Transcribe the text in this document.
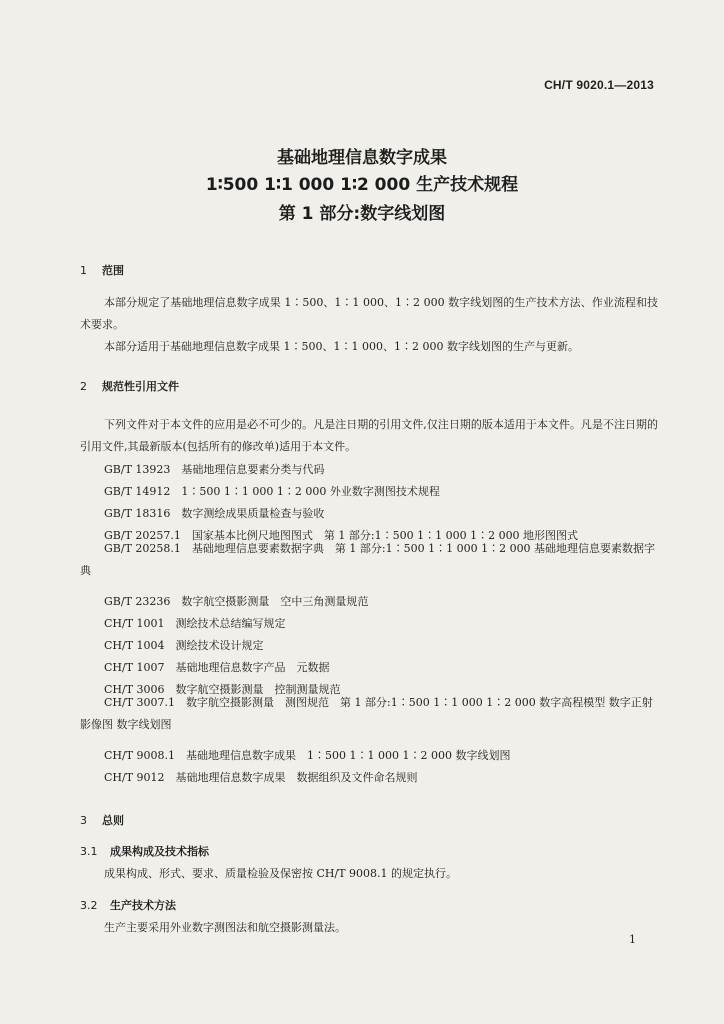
CH/T 9020.1—2013
基础地理信息数字成果
1∶500 1∶1 000 1∶2 000 生产技术规程
第 1 部分:数字线划图
1 范围
本部分规定了基础地理信息数字成果 1∶500、1∶1 000、1∶2 000 数字线划图的生产技术方法、作业流程和技术要求。
本部分适用于基础地理信息数字成果 1∶500、1∶1 000、1∶2 000 数字线划图的生产与更新。
2 规范性引用文件
下列文件对于本文件的应用是必不可少的。凡是注日期的引用文件,仅注日期的版本适用于本文件。凡是不注日期的引用文件,其最新版本(包括所有的修改单)适用于本文件。
GB/T 13923　基础地理信息要素分类与代码
GB/T 14912　1∶500 1∶1 000 1∶2 000 外业数字测图技术规程
GB/T 18316　数字测绘成果质量检查与验收
GB/T 20257.1　国家基本比例尺地图图式　第 1 部分:1∶500 1∶1 000 1∶2 000 地形图图式
GB/T 20258.1　基础地理信息要素数据字典　第 1 部分:1∶500 1∶1 000 1∶2 000 基础地理信息要素数据字典
GB/T 23236　数字航空摄影测量　空中三角测量规范
CH/T 1001　测绘技术总结编写规定
CH/T 1004　测绘技术设计规定
CH/T 1007　基础地理信息数字产品　元数据
CH/T 3006　数字航空摄影测量　控制测量规范
CH/T 3007.1　数字航空摄影测量　测图规范　第 1 部分:1∶500 1∶1 000 1∶2 000 数字高程模型 数字正射影像图 数字线划图
CH/T 9008.1　基础地理信息数字成果　1∶500 1∶1 000 1∶2 000 数字线划图
CH/T 9012　基础地理信息数字成果　数据组织及文件命名规则
3 总则
3.1 成果构成及技术指标
成果构成、形式、要求、质量检验及保密按 CH/T 9008.1 的规定执行。
3.2 生产技术方法
生产主要采用外业数字测图法和航空摄影测量法。
1
